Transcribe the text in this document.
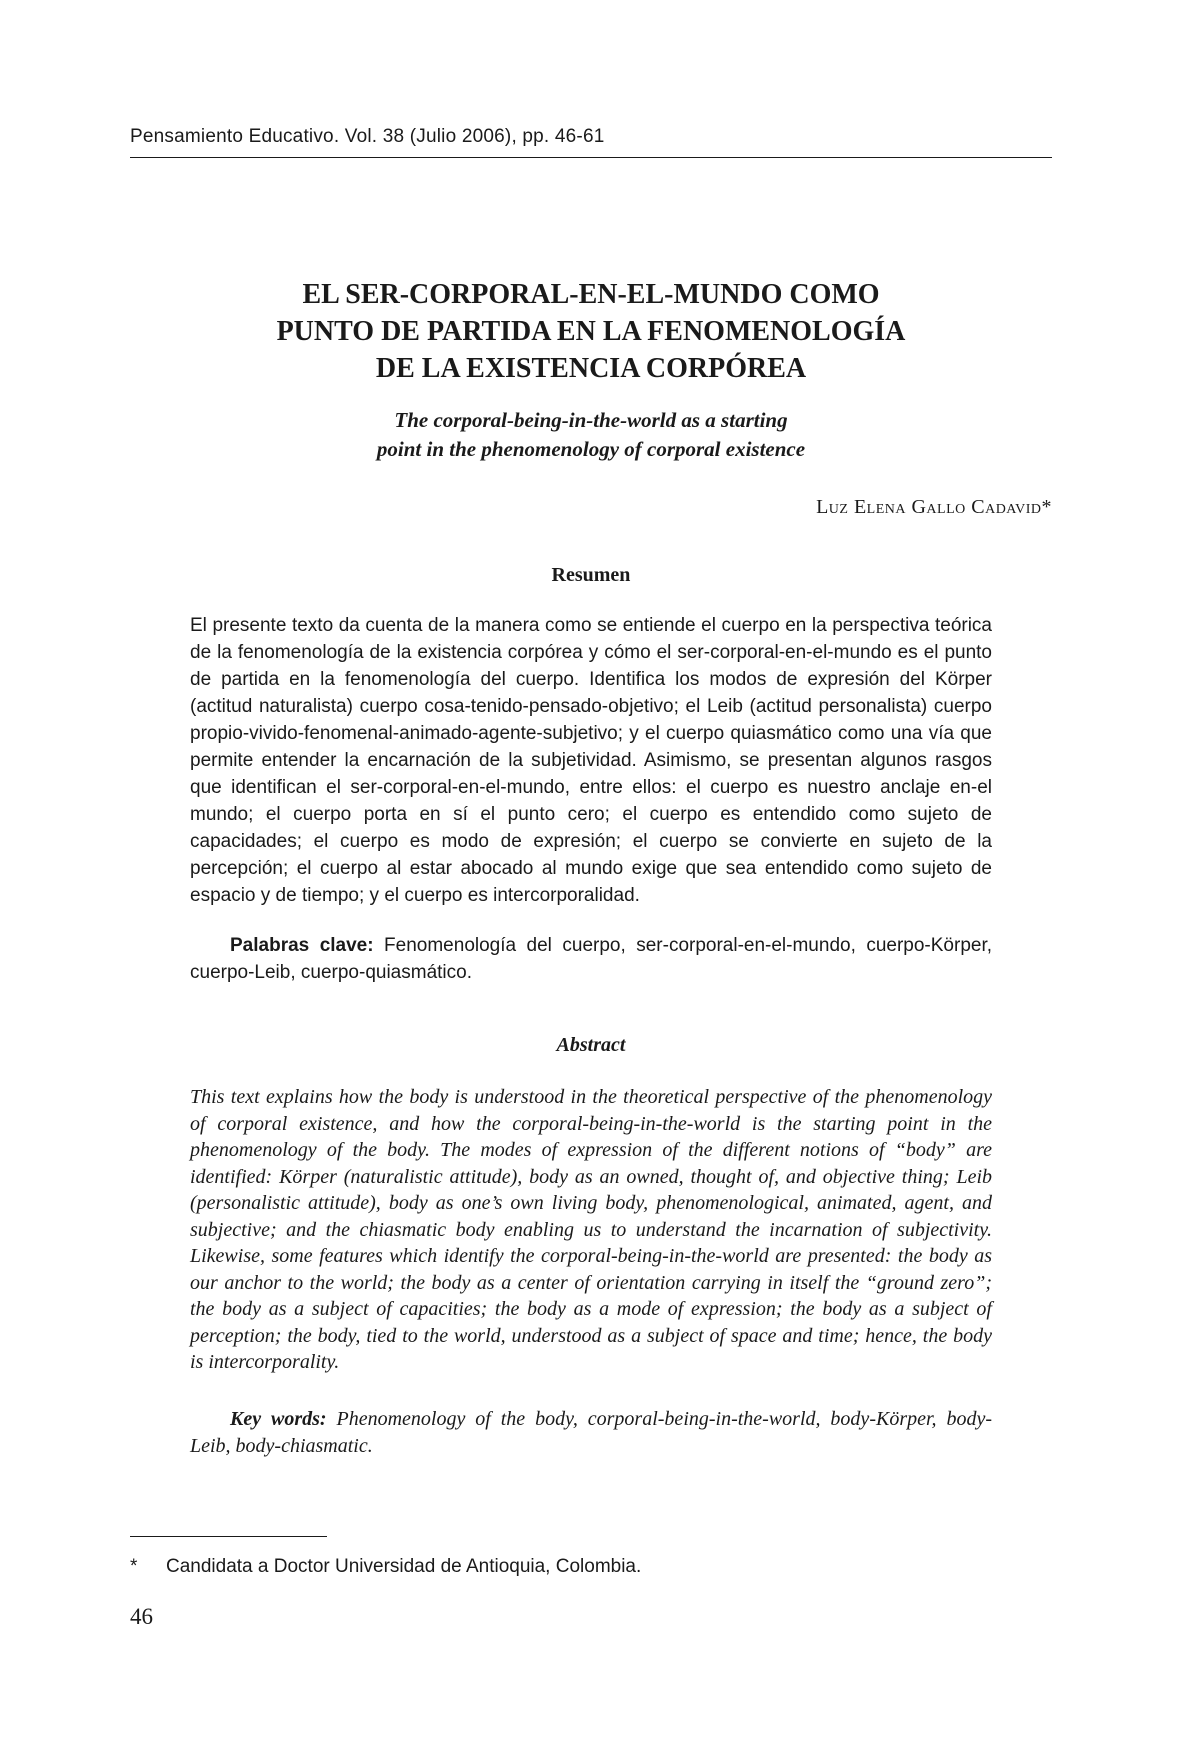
Pensamiento Educativo. Vol. 38 (Julio 2006), pp. 46-61
EL SER-CORPORAL-EN-EL-MUNDO COMO
PUNTO DE PARTIDA EN LA FENOMENOLOGÍA
DE LA EXISTENCIA CORPÓREA
The corporal-being-in-the-world as a starting
point in the phenomenology of corporal existence
Luz Elena Gallo Cadavid*
Resumen

El presente texto da cuenta de la manera como se entiende el cuerpo en la perspectiva teórica de la fenomenología de la existencia corpórea y cómo el ser-corporal-en-el-mundo es el punto de partida en la fenomenología del cuerpo. Identifica los modos de expresión del Körper (actitud naturalista) cuerpo cosa-tenido-pensado-objetivo; el Leib (actitud personalista) cuerpo propio-vivido-fenomenal-animado-agente-subjetivo; y el cuerpo quiasmático como una vía que permite entender la encarnación de la subjetividad. Asimismo, se presentan algunos rasgos que identifican el ser-corporal-en-el-mundo, entre ellos: el cuerpo es nuestro anclaje en-el mundo; el cuerpo porta en sí el punto cero; el cuerpo es entendido como sujeto de capacidades; el cuerpo es modo de expresión; el cuerpo se convierte en sujeto de la percepción; el cuerpo al estar abocado al mundo exige que sea entendido como sujeto de espacio y de tiempo; y el cuerpo es intercorporalidad.

Palabras clave: Fenomenología del cuerpo, ser-corporal-en-el-mundo, cuerpo-Körper, cuerpo-Leib, cuerpo-quiasmático.

Abstract

This text explains how the body is understood in the theoretical perspective of the phenomenology of corporal existence, and how the corporal-being-in-the-world is the starting point in the phenomenology of the body. The modes of expression of the different notions of “body” are identified: Körper (naturalistic attitude), body as an owned, thought of, and objective thing; Leib (personalistic attitude), body as one’s own living body, phenomenological, animated, agent, and subjective; and the chiasmatic body enabling us to understand the incarnation of subjectivity. Likewise, some features which identify the corporal-being-in-the-world are presented: the body as our anchor to the world; the body as a center of orientation carrying in itself the “ground zero”; the body as a subject of capacities; the body as a mode of expression; the body as a subject of perception; the body, tied to the world, understood as a subject of space and time; hence, the body is intercorporality.

Key words: Phenomenology of the body, corporal-being-in-the-world, body-Körper, body-Leib, body-chiasmatic.

* Candidata a Doctor Universidad de Antioquia, Colombia.
46
